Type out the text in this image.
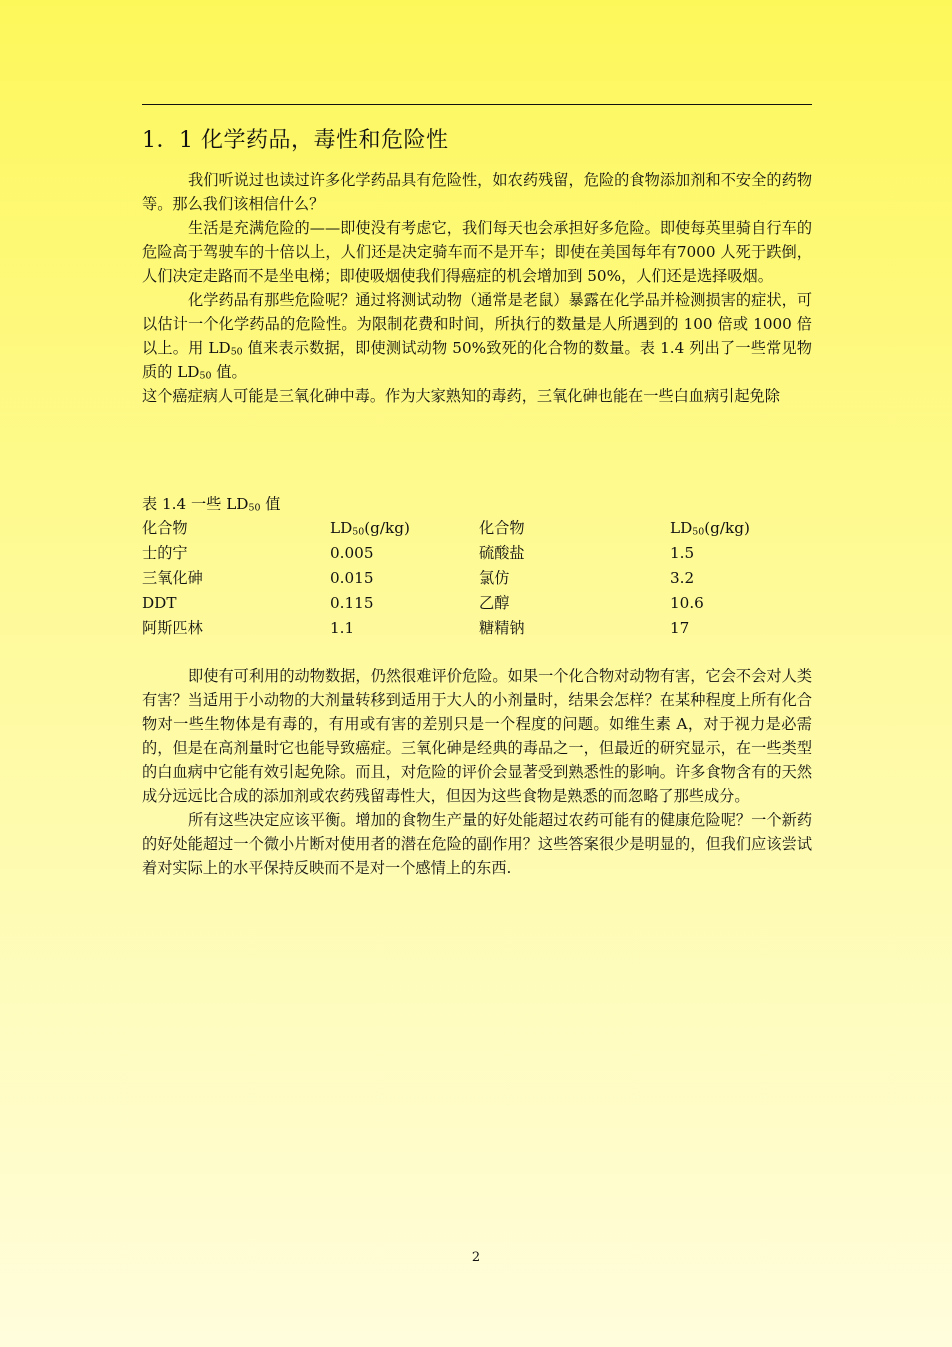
1．1 化学药品，毒性和危险性

我们听说过也读过许多化学药品具有危险性，如农药残留，危险的食物添加剂和不安全的药物等。那么我们该相信什么？

生活是充满危险的——即使没有考虑它，我们每天也会承担好多危险。即使每英里骑自行车的危险高于驾驶车的十倍以上，人们还是决定骑车而不是开车；即使在美国每年有7000 人死于跌倒，人们决定走路而不是坐电梯；即使吸烟使我们得癌症的机会增加到 50%，人们还是选择吸烟。

化学药品有那些危险呢？通过将测试动物（通常是老鼠）暴露在化学品并检测损害的症状，可以估计一个化学药品的危险性。为限制花费和时间，所执行的数量是人所遇到的 100 倍或 1000 倍以上。用 $LD_{50}$ 值来表示数据，即使测试动物 50%致死的化合物的数量。表 1.4 列出了一些常见物质的 $LD_{50}$ 值。

这个癌症病人可能是三氧化砷中毒。作为大家熟知的毒药，三氧化砷也能在一些白血病引起免除

表 1.4 一些 $LD_{50}$ 值
化合物	$LD_{50}(g/kg)$	化合物	$LD_{50}(g/kg)$
士的宁	0.005	硫酸盐	1.5
三氧化砷	0.015	氯仿	3.2
DDT	0.115	乙醇	10.6
阿斯匹林	1.1	糖精钠	17

即使有可利用的动物数据，仍然很难评价危险。如果一个化合物对动物有害，它会不会对人类有害？当适用于小动物的大剂量转移到适用于大人的小剂量时，结果会怎样？在某种程度上所有化合物对一些生物体是有毒的，有用或有害的差别只是一个程度的问题。如维生素 A，对于视力是必需的，但是在高剂量时它也能导致癌症。三氧化砷是经典的毒品之一，但最近的研究显示，在一些类型的白血病中它能有效引起免除。而且，对危险的评价会显著受到熟悉性的影响。许多食物含有的天然成分远远比合成的添加剂或农药残留毒性大，但因为这些食物是熟悉的而忽略了那些成分。

所有这些决定应该平衡。增加的食物生产量的好处能超过农药可能有的健康危险呢？一个新药的好处能超过一个微小片断对使用者的潜在危险的副作用？这些答案很少是明显的，但我们应该尝试着对实际上的水平保持反映而不是对一个感情上的东西.

2
